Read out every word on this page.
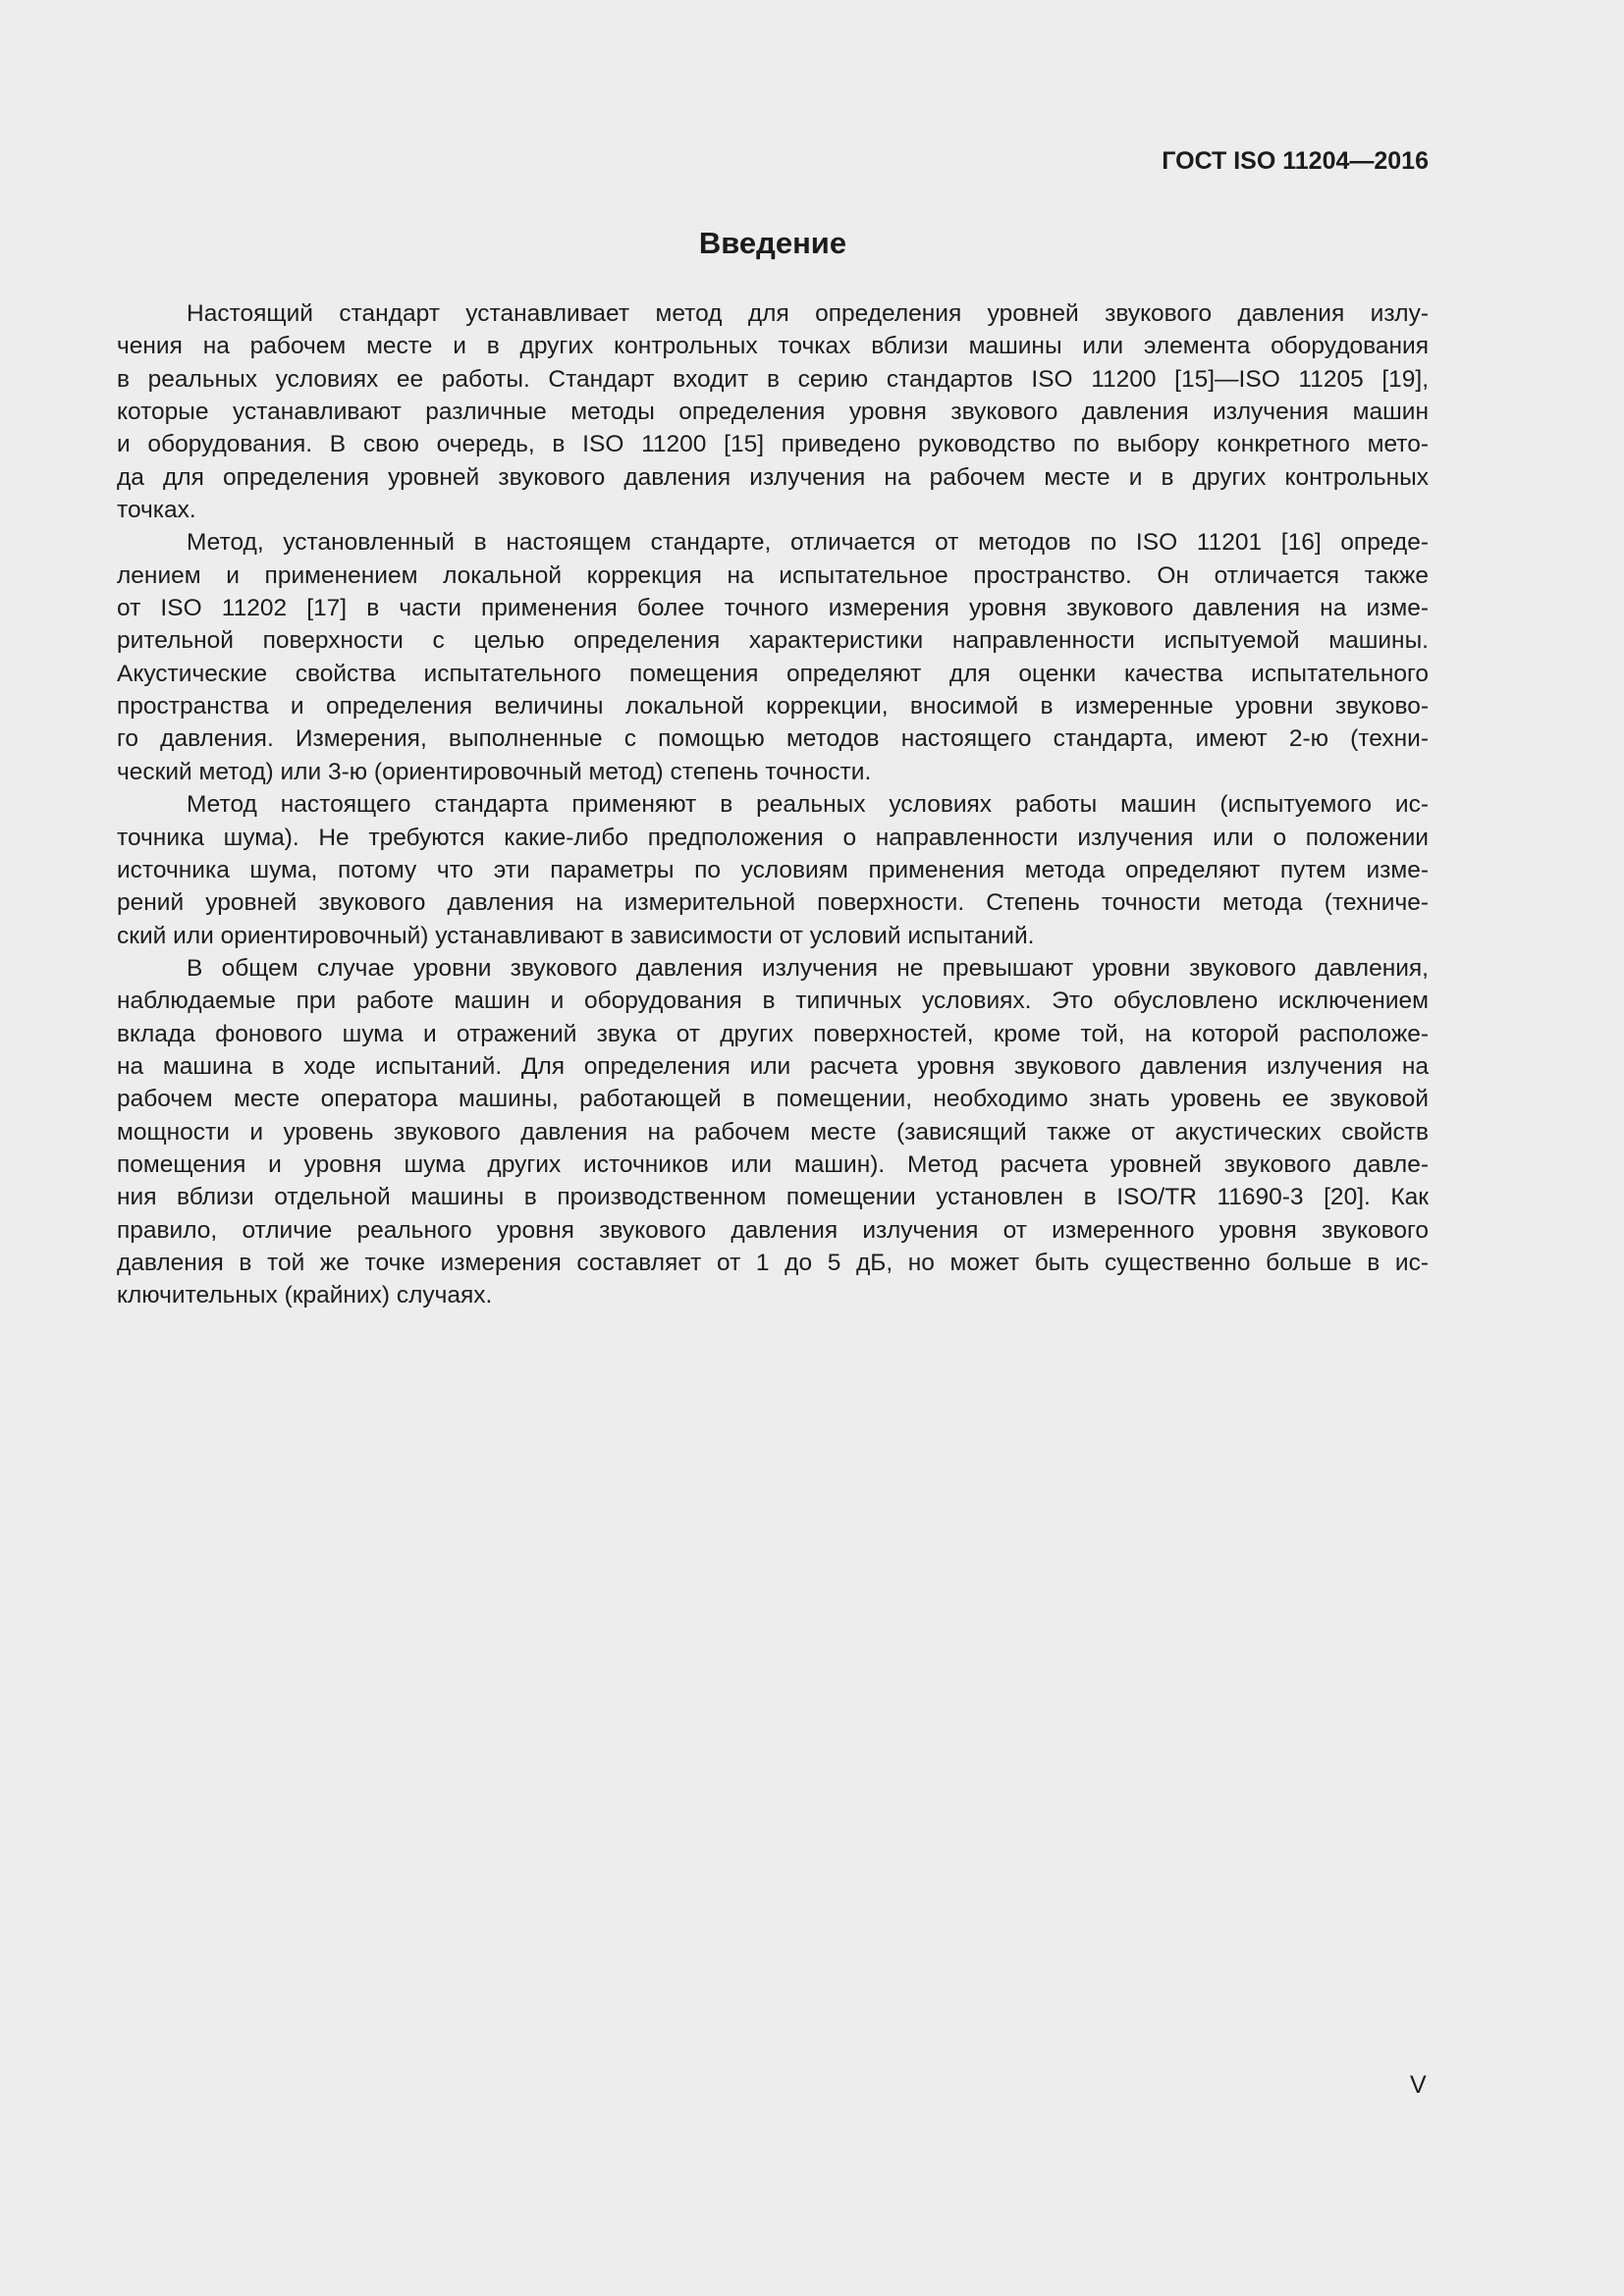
ГОСТ ISO 11204—2016
Введение
Настоящий стандарт устанавливает метод для определения уровней звукового давления излу-
чения на рабочем месте и в других контрольных точках вблизи машины или элемента оборудования
в реальных условиях ее работы. Стандарт входит в серию стандартов ISO 11200 [15]—ISO 11205 [19],
которые устанавливают различные методы определения уровня звукового давления излучения машин
и оборудования. В свою очередь, в ISO 11200 [15] приведено руководство по выбору конкретного мето-
да для определения уровней звукового давления излучения на рабочем месте и в других контрольных
точках.
Метод, установленный в настоящем стандарте, отличается от методов по ISO 11201 [16] опреде-
лением и применением локальной коррекция на испытательное пространство. Он отличается также
от ISO 11202 [17] в части применения более точного измерения уровня звукового давления на изме-
рительной поверхности с целью определения характеристики направленности испытуемой машины.
Акустические свойства испытательного помещения определяют для оценки качества испытательного
пространства и определения величины локальной коррекции, вносимой в измеренные уровни звуково-
го давления. Измерения, выполненные с помощью методов настоящего стандарта, имеют 2-ю (техни-
ческий метод) или 3-ю (ориентировочный метод) степень точности.
Метод настоящего стандарта применяют в реальных условиях работы машин (испытуемого ис-
точника шума). Не требуются какие-либо предположения о направленности излучения или о положении
источника шума, потому что эти параметры по условиям применения метода определяют путем изме-
рений уровней звукового давления на измерительной поверхности. Степень точности метода (техниче-
ский или ориентировочный) устанавливают в зависимости от условий испытаний.
В общем случае уровни звукового давления излучения не превышают уровни звукового давления,
наблюдаемые при работе машин и оборудования в типичных условиях. Это обусловлено исключением
вклада фонового шума и отражений звука от других поверхностей, кроме той, на которой расположе-
на машина в ходе испытаний. Для определения или расчета уровня звукового давления излучения на
рабочем месте оператора машины, работающей в помещении, необходимо знать уровень ее звуковой
мощности и уровень звукового давления на рабочем месте (зависящий также от акустических свойств
помещения и уровня шума других источников или машин). Метод расчета уровней звукового давле-
ния вблизи отдельной машины в производственном помещении установлен в ISO/TR 11690-3 [20]. Как
правило, отличие реального уровня звукового давления излучения от измеренного уровня звукового
давления в той же точке измерения составляет от 1 до 5 дБ, но может быть существенно больше в ис-
ключительных (крайних) случаях.
V
